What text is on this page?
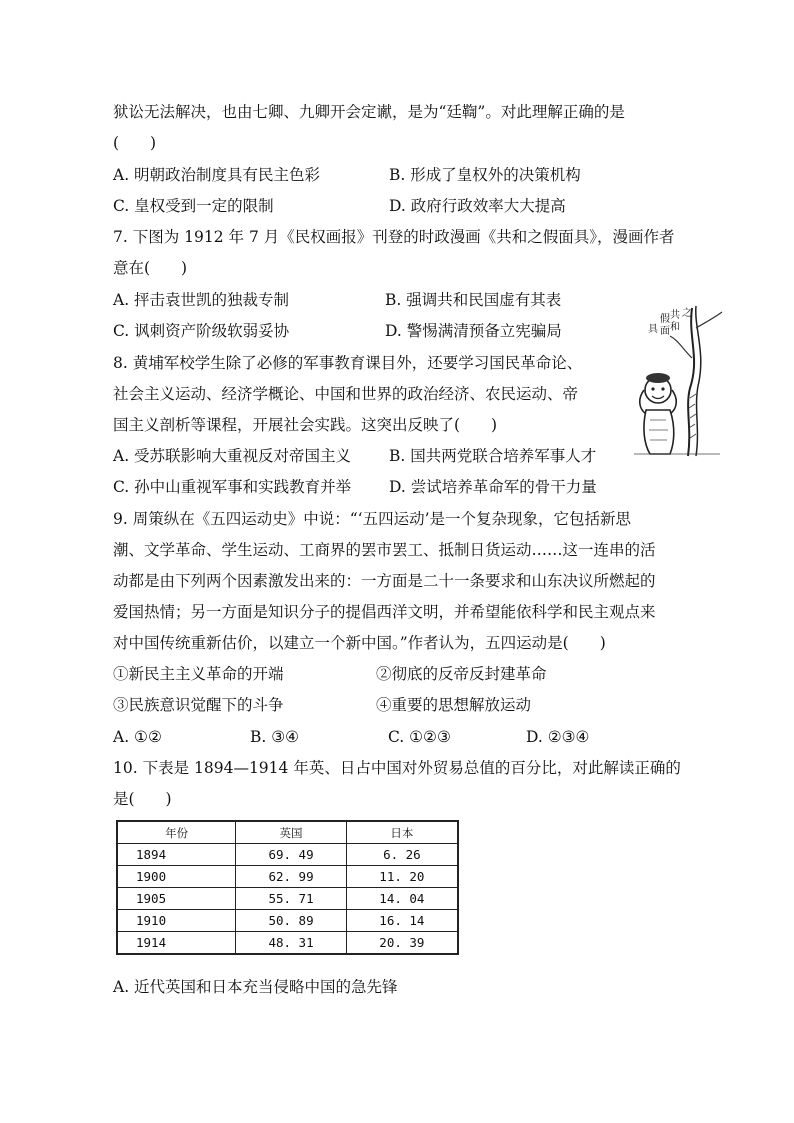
狱讼无法解决，也由七卿、九卿开会定谳，是为“廷鞫”。对此理解正确的是
(　　)
A. 明朝政治制度具有民主色彩	B. 形成了皇权外的决策机构
C. 皇权受到一定的限制	D. 政府行政效率大大提高
7. 下图为 1912 年 7 月《民权画报》刊登的时政漫画《共和之假面具》，漫画作者
意在(　　)
A. 抨击袁世凯的独裁专制	B. 强调共和民国虚有其表
C. 讽刺资产阶级软弱妥协	D. 警惕满清预备立宪骗局
共
和
之
假
面
具
8. 黄埔军校学生除了必修的军事教育课目外，还要学习国民革命论、
社会主义运动、经济学概论、中国和世界的政治经济、农民运动、帝
国主义剖析等课程，开展社会实践。这突出反映了(　　)
A. 受苏联影响大重视反对帝国主义 B. 国共两党联合培养军事人才
C. 孙中山重视军事和实践教育并举 D. 尝试培养革命军的骨干力量
9. 周策纵在《五四运动史》中说：“‘五四运动’是一个复杂现象，它包括新思
潮、文学革命、学生运动、工商界的罢市罢工、抵制日货运动……这一连串的活
动都是由下列两个因素激发出来的：一方面是二十一条要求和山东决议所燃起的
爱国热情；另一方面是知识分子的提倡西洋文明，并希望能依科学和民主观点来
对中国传统重新估价，以建立一个新中国。”作者认为，五四运动是(　　)
①新民主主义革命的开端	②彻底的反帝反封建革命
③民族意识觉醒下的斗争	④重要的思想解放运动
A. ①②	B. ③④	C. ①②③	D. ②③④
10. 下表是 1894—1914 年英、日占中国对外贸易总值的百分比，对此解读正确的
是(　　)
年份	英国	日本
1894	69. 49	6. 26
1900	62. 99	11. 20
1905	55. 71	14. 04
1910	50. 89	16. 14
1914	48. 31	20. 39
A. 近代英国和日本充当侵略中国的急先锋
